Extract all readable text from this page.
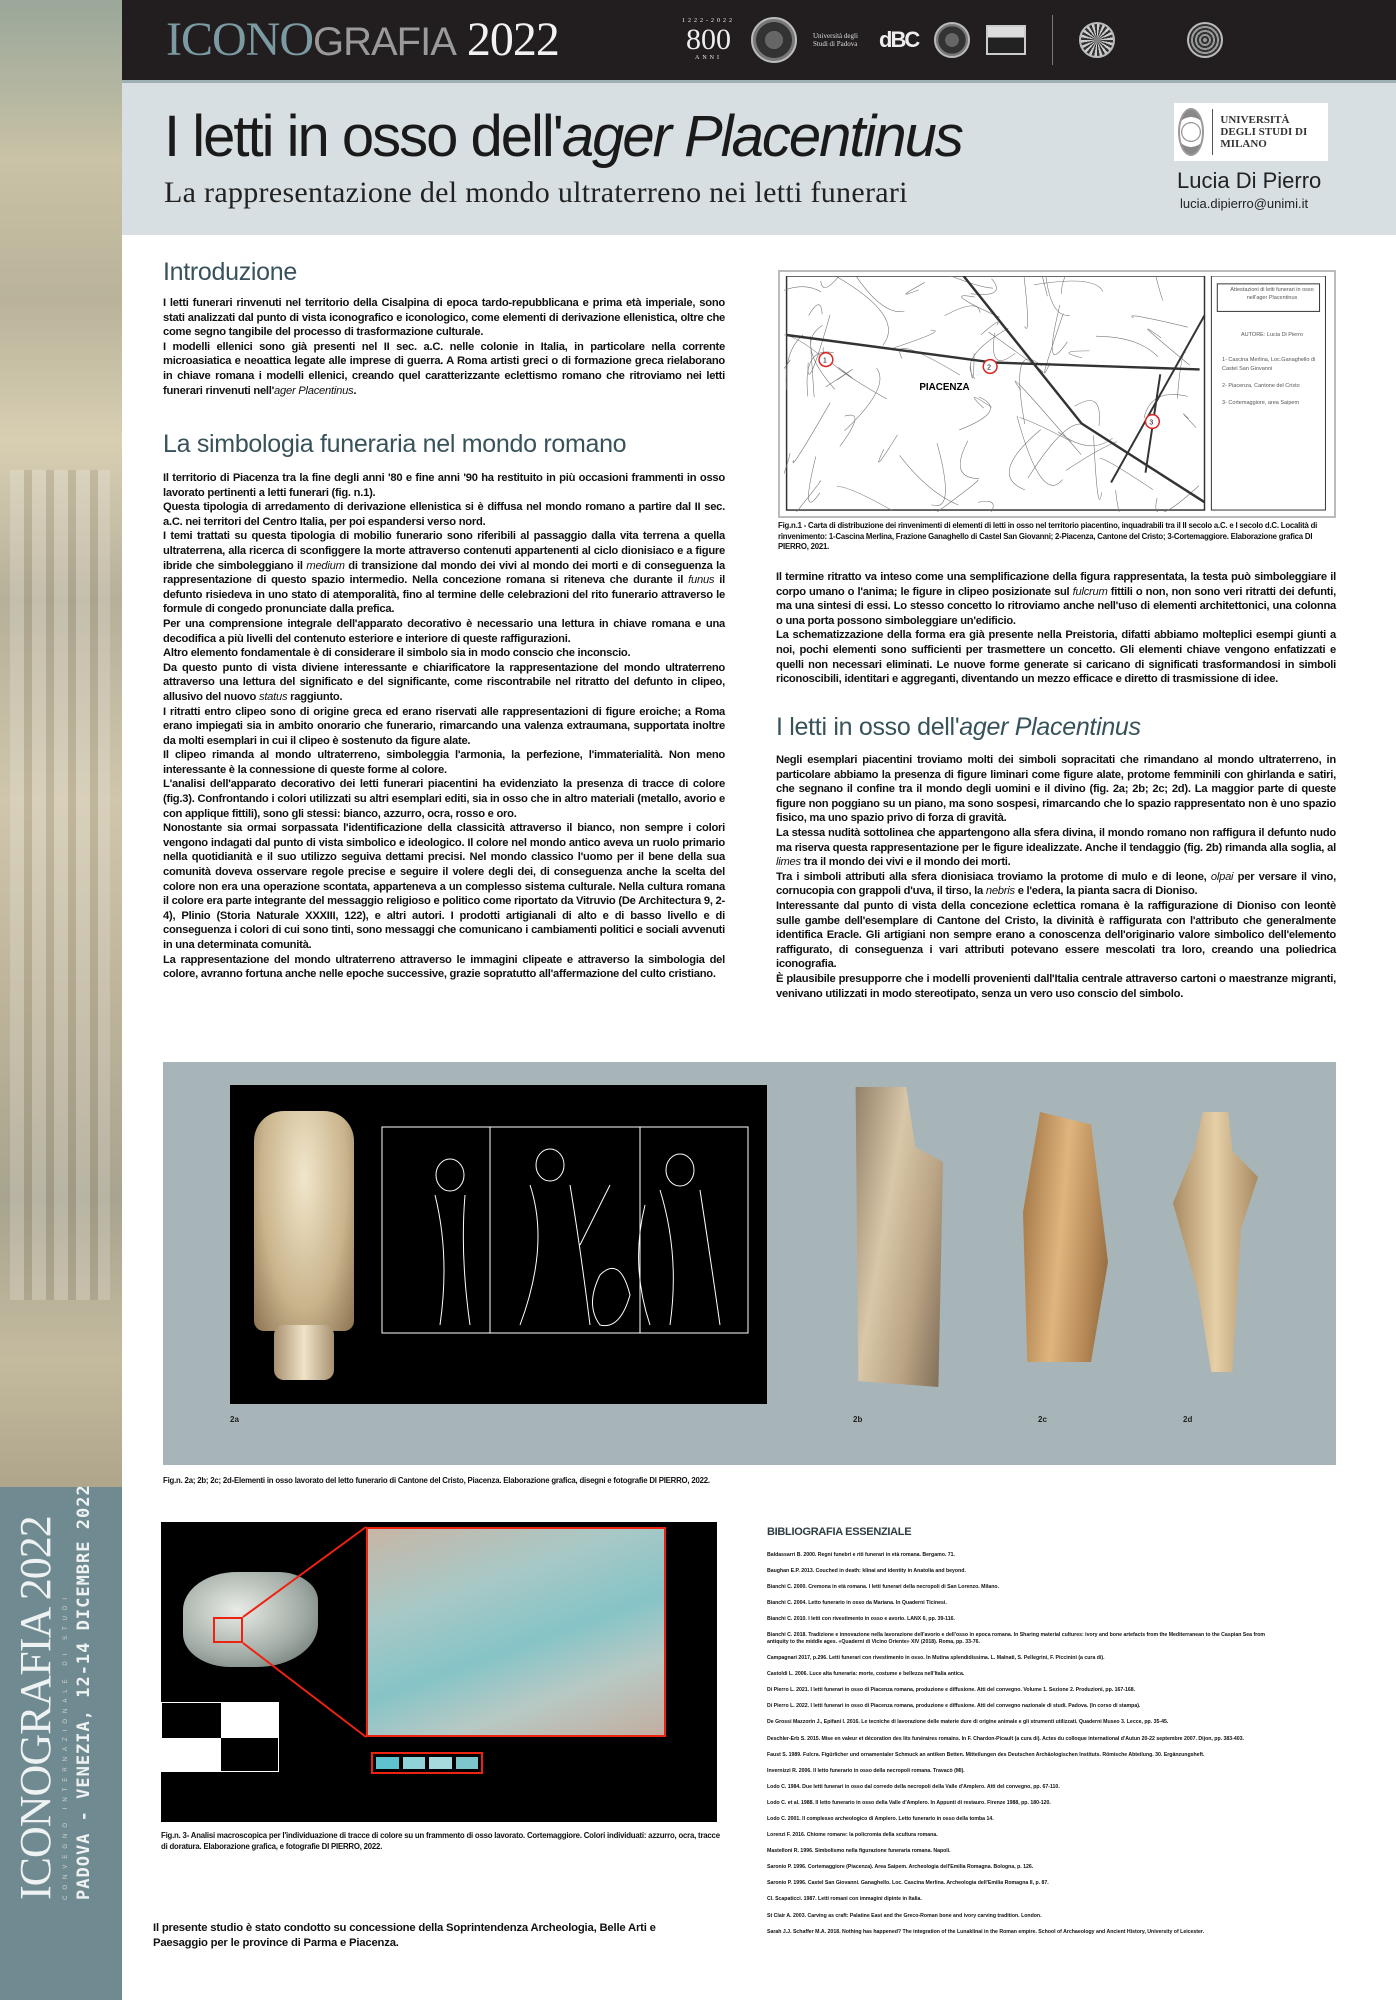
ICONOGRAFIA 2022 CONVEGNO INTERNAZIONALE DI STUDI PADOVA - VENEZIA, 12-14 DICEMBRE 2022
ICONOGRAFIA 2022	1222-2022
800
ANNI
Università degli Studi di Padova dBC
I letti in osso dell'ager Placentinus
La rappresentazione del mondo ultraterreno nei letti funerari
UNIVERSITÀ DEGLI STUDI DI MILANO
Lucia Di Pierro
lucia.dipierro@unimi.it
Introduzione

I letti funerari rinvenuti nel territorio della Cisalpina di epoca tardo-repubblicana e prima età imperiale, sono stati analizzati dal punto di vista iconografico e iconologico, come elementi di derivazione ellenistica, oltre che come segno tangibile del processo di trasformazione culturale.

I modelli ellenici sono già presenti nel II sec. a.C. nelle colonie in Italia, in particolare nella corrente microasiatica e neoattica legate alle imprese di guerra. A Roma artisti greci o di formazione greca rielaborano in chiave romana i modelli ellenici, creando quel caratterizzante eclettismo romano che ritroviamo nei letti funerari rinvenuti nell'ager Placentinus.

La simbologia funeraria nel mondo romano

Il territorio di Piacenza tra la fine degli anni '80 e fine anni '90 ha restituito in più occasioni frammenti in osso lavorato pertinenti a letti funerari (fig. n.1).

Questa tipologia di arredamento di derivazione ellenistica si è diffusa nel mondo romano a partire dal II sec. a.C. nei territori del Centro Italia, per poi espandersi verso nord.

I temi trattati su questa tipologia di mobilio funerario sono riferibili al passaggio dalla vita terrena a quella ultraterrena, alla ricerca di sconfiggere la morte attraverso contenuti appartenenti al ciclo dionisiaco e a figure ibride che simboleggiano il medium di transizione dal mondo dei vivi al mondo dei morti e di conseguenza la rappresentazione di questo spazio intermedio. Nella concezione romana si riteneva che durante il funus il defunto risiedeva in uno stato di atemporalità, fino al termine delle celebrazioni del rito funerario attraverso le formule di congedo pronunciate dalla prefica.

Per una comprensione integrale dell'apparato decorativo è necessario una lettura in chiave romana e una decodifica a più livelli del contenuto esteriore e interiore di queste raffigurazioni.

Altro elemento fondamentale è di considerare il simbolo sia in modo conscio che inconscio.

Da questo punto di vista diviene interessante e chiarificatore la rappresentazione del mondo ultraterreno attraverso una lettura del significato e del significante, come riscontrabile nel ritratto del defunto in clipeo, allusivo del nuovo status raggiunto.

I ritratti entro clipeo sono di origine greca ed erano riservati alle rappresentazioni di figure eroiche; a Roma erano impiegati sia in ambito onorario che funerario, rimarcando una valenza extraumana, supportata inoltre da molti esemplari in cui il clipeo è sostenuto da figure alate.

Il clipeo rimanda al mondo ultraterreno, simboleggia l'armonia, la perfezione, l'immaterialità. Non meno interessante è la connessione di queste forme al colore.

L'analisi dell'apparato decorativo dei letti funerari piacentini ha evidenziato la presenza di tracce di colore (fig.3). Confrontando i colori utilizzati su altri esemplari editi, sia in osso che in altro materiali (metallo, avorio e con applique fittili), sono gli stessi: bianco, azzurro, ocra, rosso e oro.

Nonostante sia ormai sorpassata l'identificazione della classicità attraverso il bianco, non sempre i colori vengono indagati dal punto di vista simbolico e ideologico. Il colore nel mondo antico aveva un ruolo primario nella quotidianità e il suo utilizzo seguiva dettami precisi. Nel mondo classico l'uomo per il bene della sua comunità doveva osservare regole precise e seguire il volere degli dei, di conseguenza anche la scelta del colore non era una operazione scontata, apparteneva a un complesso sistema culturale. Nella cultura romana il colore era parte integrante del messaggio religioso e politico come riportato da Vitruvio (De Architectura 9, 2-4), Plinio (Storia Naturale XXXIII, 122), e altri autori. I prodotti artigianali di alto e di basso livello e di conseguenza i colori di cui sono tinti, sono messaggi che comunicano i cambiamenti politici e sociali avvenuti in una determinata comunità.

La rappresentazione del mondo ultraterreno attraverso le immagini clipeate e attraverso la simbologia del colore, avranno fortuna anche nelle epoche successive, grazie sopratutto all'affermazione del culto cristiano.

PIACENZA
1
2
3
Attestazioni di letti funerari in osso nell'ager Placentinus
AUTORE: Lucia Di Pierro
1- Cascina Merlina, Loc.Ganaghello di Castel San Giovanni
2- Piacenza, Cantone del Cristo
3- Cortemaggiore, area Saipem
Fig.n.1 - Carta di distribuzione dei rinvenimenti di elementi di letti in osso nel territorio piacentino, inquadrabili tra il II secolo a.C. e I secolo d.C. Località di rinvenimento: 1-Cascina Merlina, Frazione Ganaghello di Castel San Giovanni; 2-Piacenza, Cantone del Cristo; 3-Cortemaggiore. Elaborazione grafica DI PIERRO, 2021.

Il termine ritratto va inteso come una semplificazione della figura rappresentata, la testa può simboleggiare il corpo umano o l'anima; le figure in clipeo posizionate sul fulcrum fittili o non, non sono veri ritratti dei defunti, ma una sintesi di essi. Lo stesso concetto lo ritroviamo anche nell'uso di elementi architettonici, una colonna o una porta possono simboleggiare un'edificio.

La schematizzazione della forma era già presente nella Preistoria, difatti abbiamo molteplici esempi giunti a noi, pochi elementi sono sufficienti per trasmettere un concetto. Gli elementi chiave vengono enfatizzati e quelli non necessari eliminati. Le nuove forme generate si caricano di significati trasformandosi in simboli riconoscibili, identitari e aggreganti, diventando un mezzo efficace e diretto di trasmissione di idee.

I letti in osso dell'ager Placentinus

Negli esemplari piacentini troviamo molti dei simboli sopracitati che rimandano al mondo ultraterreno, in particolare abbiamo la presenza di figure liminari come figure alate, protome femminili con ghirlanda e satiri, che segnano il confine tra il mondo degli uomini e il divino (fig. 2a; 2b; 2c; 2d). La maggior parte di queste figure non poggiano su un piano, ma sono sospesi, rimarcando che lo spazio rappresentato non è uno spazio fisico, ma uno spazio privo di forza di gravità.

La stessa nudità sottolinea che appartengono alla sfera divina, il mondo romano non raffigura il defunto nudo ma riserva questa rappresentazione per le figure idealizzate. Anche il tendaggio (fig. 2b) rimanda alla soglia, al limes tra il mondo dei vivi e il mondo dei morti.

Tra i simboli attributi alla sfera dionisiaca troviamo la protome di mulo e di leone, olpai per versare il vino, cornucopia con grappoli d'uva, il tirso, la nebris e l'edera, la pianta sacra di Dioniso.

Interessante dal punto di vista della concezione eclettica romana è la raffigurazione di Dioniso con leontè sulle gambe dell'esemplare di Cantone del Cristo, la divinità è raffigurata con l'attributo che generalmente identifica Eracle. Gli artigiani non sempre erano a conoscenza dell'originario valore simbolico dell'elemento raffigurato, di conseguenza i vari attributi potevano essere mescolati tra loro, creando una poliedrica iconografia.

È plausibile presupporre che i modelli provenienti dall'Italia centrale attraverso cartoni o maestranze migranti, venivano utilizzati in modo stereotipato, senza un vero uso conscio del simbolo.

2a	2b	2c	2d
Fig.n. 2a; 2b; 2c; 2d-Elementi in osso lavorato del letto funerario di Cantone del Cristo, Piacenza. Elaborazione grafica, disegni e fotografie DI PIERRO, 2022.
Fig.n. 3- Analisi macroscopica per l'individuazione di tracce di colore su un frammento di osso lavorato. Cortemaggiore. Colori individuati: azzurro, ocra, tracce di doratura. Elaborazione grafica, e fotografie DI PIERRO, 2022.
Il presente studio è stato condotto su concessione della Soprintendenza Archeologia, Belle Arti e Paesaggio per le province di Parma e Piacenza.
BIBLIOGRAFIA ESSENZIALE
Baldassarri B. 2000. Regni funebri e riti funerari in età romana. Bergamo. 71.
Baughan E.P. 2013. Couched in death: klinai and identity in Anatolia and beyond.
Bianchi C. 2000. Cremona in età romana. I letti funerari della necropoli di San Lorenzo. Milano.
Bianchi C. 2004. Letto funerario in osso da Mariana. In Quaderni Ticinesi.
Bianchi C. 2010. I letti con rivestimento in osso e avorio. LANX 6, pp. 39-116.
Bianchi C. 2018. Tradizione e innovazione nella lavorazione dell'avorio e dell'osso in epoca romana. In Sharing material cultures: ivory and bone artefacts from the Mediterranean to the Caspian Sea from antiquity to the middle ages. «Quaderni di Vicino Oriente» XIV (2018). Roma, pp. 33-76.
Campagnari 2017, p.296. Letti funerari con rivestimento in osso. In Mutina splendidissima. L. Malnati, S. Pellegrini, F. Piccinini (a cura di).
Castoldi L. 2006. Luce alta funeraria: morte, costume e bellezza nell'Italia antica.
Di Pierro L. 2021. I letti funerari in osso di Piacenza romana, produzione e diffusione. Atti del convegno. Volume 1. Sezione 2. Produzioni, pp. 167-168.
Di Pierro L. 2022. I letti funerari in osso di Piacenza romana, produzione e diffusione. Atti del convegno nazionale di studi. Padova. (In corso di stampa).
De Grossi Mazzorin J., Epifani I. 2016. Le tecniche di lavorazione delle materie dure di origine animale e gli strumenti utilizzati. Quaderni Museo 3. Lecce, pp. 35-45.
Deschler-Erb S. 2015. Mise en valeur et décoration des lits funéraires romains. In F. Chardon-Picault (a cura di). Actes du colloque international d'Autun 20-22 septembre 2007. Dijon, pp. 383-403.
Faust S. 1989. Fulcra. Figürlicher und ornamentaler Schmuck an antiken Betten. Mitteilungen des Deutschen Archäologischen Instituts. Römische Abteilung. 30. Ergänzungsheft.
Invernizzi R. 2006. Il letto funerario in osso della necropoli romana. Travacò (MI).
Lodo C. 1984. Due letti funerari in osso dal corredo della necropoli della Valle d'Amplero. Atti del convegno, pp. 67-110.
Lodo C. et al. 1988. Il letto funerario in osso della Valle d'Amplero. In Appunti di restauro. Firenze 1988, pp. 180-120.
Lodo C. 2001. Il complesso archeologico di Amplero. Letto funerario in osso della tomba 14.
Lorenzi F. 2016. Chiome romane: la policromia della scultura romana.
Mastelloni R. 1996. Simbolismo nella figurazione funeraria romana. Napoli.
Saronio P. 1996. Cortemaggiore (Piacenza). Area Saipem. Archeologia dell'Emilia Romagna. Bologna, p. 126.
Saronio P. 1996. Castel San Giovanni. Ganaghello. Loc. Cascina Merlina. Archeologia dell'Emilia Romagna II, p. 87.
Cl. Scapaticci. 1987. Letti romani con immagini dipinte in Italia.
St Clair A. 2003. Carving as craft: Palatine East and the Greco-Roman bone and ivory carving tradition. London.
Sarah J.J. Schaffer M.A. 2018. Nothing has happened? The integration of the Lunaklinai in the Roman empire. School of Archaeology and Ancient History, University of Leicester.
